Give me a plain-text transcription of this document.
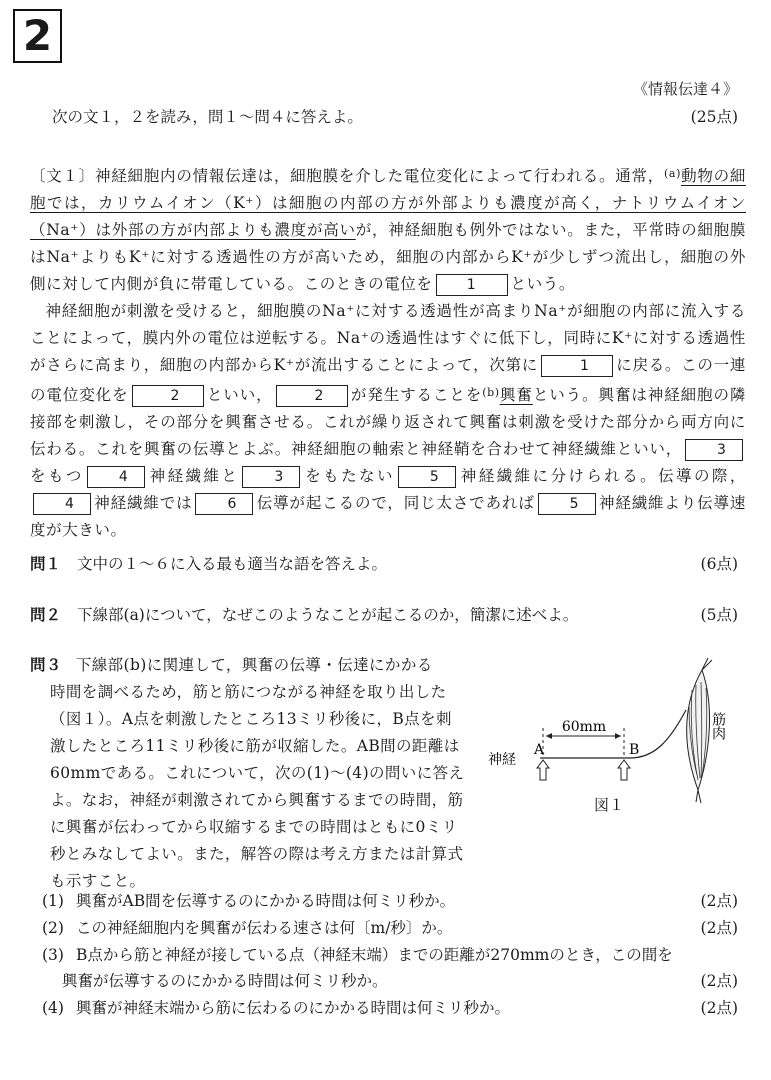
2
《情報伝達４》
次の文１，２を読み，問１～問４に答えよ。	(25点)

〔文１〕神経細胞内の情報伝達は，細胞膜を介した電位変化によって行われる。通常，$^{(a)}$動物の細胞では，カリウムイオン（K⁺）は細胞の内部の方が外部よりも濃度が高く，ナトリウムイオン（Na⁺）は外部の方が内部よりも濃度が高いが，神経細胞も例外ではない。また，平常時の細胞膜はNa⁺よりもK⁺に対する透過性の方が高いため，細胞の内部からK⁺が少しずつ流出し，細胞の外側に対して内側が負に帯電している。このときの電位を 1 という。

神経細胞が刺激を受けると，細胞膜のNa⁺に対する透過性が高まりNa⁺が細胞の内部に流入することによって，膜内外の電位は逆転する。Na⁺の透過性はすぐに低下し，同時にK⁺に対する透過性がさらに高まり，細胞の内部からK⁺が流出することによって，次第に	1 に戻る。この一連の電位変化を	2 といい，	2 が発生することを$^{(b)}$興奮という。興奮は神経細胞の隣接部を刺激し，その部分を興奮させる。これが繰り返されて興奮は刺激を受けた部分から両方向に伝わる。これを興奮の伝導とよぶ。神経細胞の軸索と神経鞘を合わせて神経繊維といい， 3をもつ 4 神経繊維と 3 をもたない 5 神経繊維に分けられる。伝導の際，4 神経繊維では 6 伝導が起こるので，同じ太さであれば 5 神経繊維より伝導速度が大きい。

問１ 文中の１～６に入る最も適当な語を答えよ。	(6点)
問２ 下線部(a)について，なぜこのようなことが起こるのか，簡潔に述べよ。	(5点)

問３ 下線部(b)に関連して，興奮の伝導・伝達にかかる

時間を調べるため，筋と筋につながる神経を取り出した（図１）。A点を刺激したところ13ミリ秒後に，B点を刺激したところ11ミリ秒後に筋が収縮した。AB間の距離は60mmである。これについて，次の(1)～(4)の問いに答えよ。なお，神経が刺激されてから興奮するまでの時間，筋に興奮が伝わってから収縮するまでの時間はともに0ミリ秒とみなしてよい。また，解答の際は考え方または計算式も示すこと。

60mm
A	B
神経
筋肉
図１
(1) 興奮がAB間を伝導するのにかかる時間は何ミリ秒か。	(2点)
(2) この神経細胞内を興奮が伝わる速さは何〔m/秒〕か。	(2点)
(3) B点から筋と神経が接している点（神経末端）までの距離が270mmのとき，この間を
興奮が伝導するのにかかる時間は何ミリ秒か。	(2点)
(4) 興奮が神経末端から筋に伝わるのにかかる時間は何ミリ秒か。	(2点)
